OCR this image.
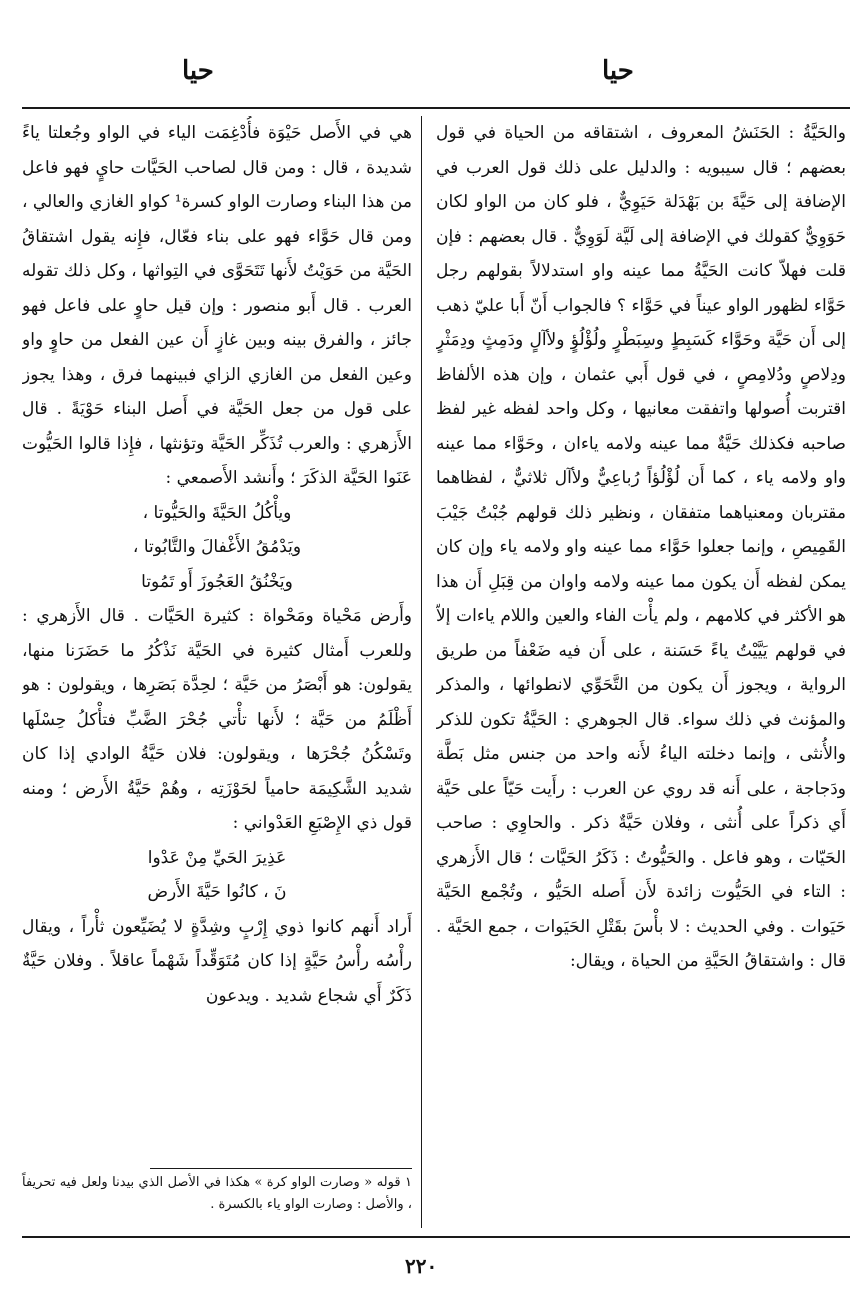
حيا
حيا

والحَيَّةُ : الحَنَشُ المعروف ، اشتقاقه من الحياة في قول بعضهم ؛ قال سيبويه : والدليل على ذلك قول العرب في الإضافة إلى حَيَّةَ بن بَهْدَلة حَيَوِيٌّ ، فلو كان من الواو لكان حَوَوِيٌّ كقولك في الإضافة إلى لَيَّة لَوَوِيٌّ . قال بعضهم : فإن قلت فهلاّ كانت الحَيَّةُ مما عينه واو استدلالاً بقولهم رجل حَوَّاء لظهور الواو عيناً في حَوَّاء ؟ فالجواب أَنّ أَبا عليّ ذهب إلى أَن حَيَّة وحَوَّاء كَسَبِطٍ وسِبَطْرٍ ولُؤْلُؤٍ ولأآلٍ ودَمِثٍ ودِمَثْرٍ ودِلاصٍ ودُلامِصٍ ، في قول أَبي عثمان ، وإن هذه الألفاظ اقتربت أُصولها واتفقت معانيها ، وكل واحد لفظه غير لفظ صاحبه فكذلك حَيَّةٌ مما عينه ولامه ياءان ، وحَوَّاء مما عينه واو ولامه ياء ، كما أَن لُؤْلُؤاً رُباعِيٌّ ولأآل ثلاثيٌّ ، لفظاهما مقتربان ومعنياهما متفقان ، ونظير ذلك قولهم جُبْتُ جَيْبَ القَمِيصِ ، وإنما جعلوا حَوَّاء مما عينه واو ولامه ياء وإن كان يمكن لفظه أَن يكون مما عينه ولامه واوان من قِبَلِ أَن هذا هو الأكثر في كلامهم ، ولم يأْت الفاء والعين واللام ياءات إلاّ في قولهم يَيَّيْتُ ياءً حَسَنة ، على أَن فيه ضَعْفاً من طريق الرواية ، ويجوز أَن يكون من التَّحَوِّي لانطوائها ، والمذكر والمؤنث في ذلك سواء. قال الجوهري : الحَيَّةُ تكون للذكر والأُنثى ، وإنما دخلته الياءُ لأَنه واحد من جنس مثل بَطَّة ودَجاجة ، على أَنه قد روي عن العرب : رأَيت حَيّاً على حَيَّة أَي ذكراً على أُنثى ، وفلان حَيَّةٌ ذكر . والحاوِي : صاحب الحَيّات ، وهو فاعل . والحَيُّوتُ : ذَكَرُ الحَيَّات ؛ قال الأَزهري : التاء في الحَيُّوت زائدة لأَن أَصله الحَيُّو ، وتُجْمع الحَيَّة حَيَوات . وفي الحديث : لا بأْسَ بقَتْلِ الحَيَوات ، جمع الحَيَّة . قال : واشتقاقُ الحَيَّةِ من الحياة ، ويقال:

هي في الأَصل حَيْوَة فأُدْغِمَت الياء في الواو وجُعلتا ياءً شديدة ، قال : ومن قال لصاحب الحَيَّات حايٍ فهو فاعل من هذا البناء وصارت الواو كسرة¹ كواو الغازي والعالي ، ومن قال حَوَّاء فهو على بناء فعّال، فإِنه يقول اشتقاقُ الحَيَّة من حَوَيْتُ لأَنها تَتَحَوَّى في التِواثها ، وكل ذلك تقوله العرب . قال أَبو منصور : وإن قيل حاوٍ على فاعل فهو جائز ، والفرق بينه وبين غازٍ أَن عين الفعل من حاوٍ واو وعين الفعل من الغازي الزاي فبينهما فرق ، وهذا يجوز على قول من جعل الحَيَّة في أَصل البناء حَوْيَةً . قال الأَزهري : والعرب تُذَكِّر الحَيَّة وتؤنثها ، فإِذا قالوا الحَيُّوت عَنَوا الحَيَّة الذكَرَ ؛ وأَنشد الأَصمعي :

ويأْكُلُ الحَيَّةَ والحَيُّوتا ،

ويَدْمُقُ الأَغْفالَ والتَّابُوتا ،

ويَخْنُقُ العَجُوزَ أَو تَمُوتا

وأَرض مَحْياة ومَحْواة : كثيرة الحَيَّات . قال الأَزهري : وللعرب أَمثال كثيرة في الحَيَّة نَذْكُرُ ما حَضَرَنا منها، يقولون: هو أَبْصَرُ من حَيَّة ؛ لحِدَّة بَصَرِها ، ويقولون : هو أَظْلَمُ من حَيَّة ؛ لأَنها تأْتي جُحْرَ الضَّبِّ فتأْكلُ حِسْلَها وتَسْكُنُ جُحْرَها ، ويقولون: فلان حَيَّةُ الوادي إذا كان شديد الشَّكِيمَة حامياً لحَوْزَتِه ، وهُمْ حَيَّةُ الأَرض ؛ ومنه قول ذي الإِصْبَعِ العَدْواني :

عَذِيرَ الحَيِّ مِنْ عَدْوا

نَ ، كانُوا حَيَّةَ الأَرض

أَراد أَنهم كانوا ذوي إِرْبٍ وشِدَّةٍ لا يُضَيِّعون ثأْراً ، ويقال رأْسُه رأْسُ حَيَّةٍ إذا كان مُتَوَقِّداً شَهْماً عاقلاً . وفلان حَيَّةٌ ذَكَرٌ أَي شجاع شديد . ويدعون

١ قوله « وصارت الواو كرة » هكذا في الأصل الذي بيدنا ولعل فيه تحريفاً ، والأصل : وصارت الواو ياء بالكسرة .
٢٢٠
